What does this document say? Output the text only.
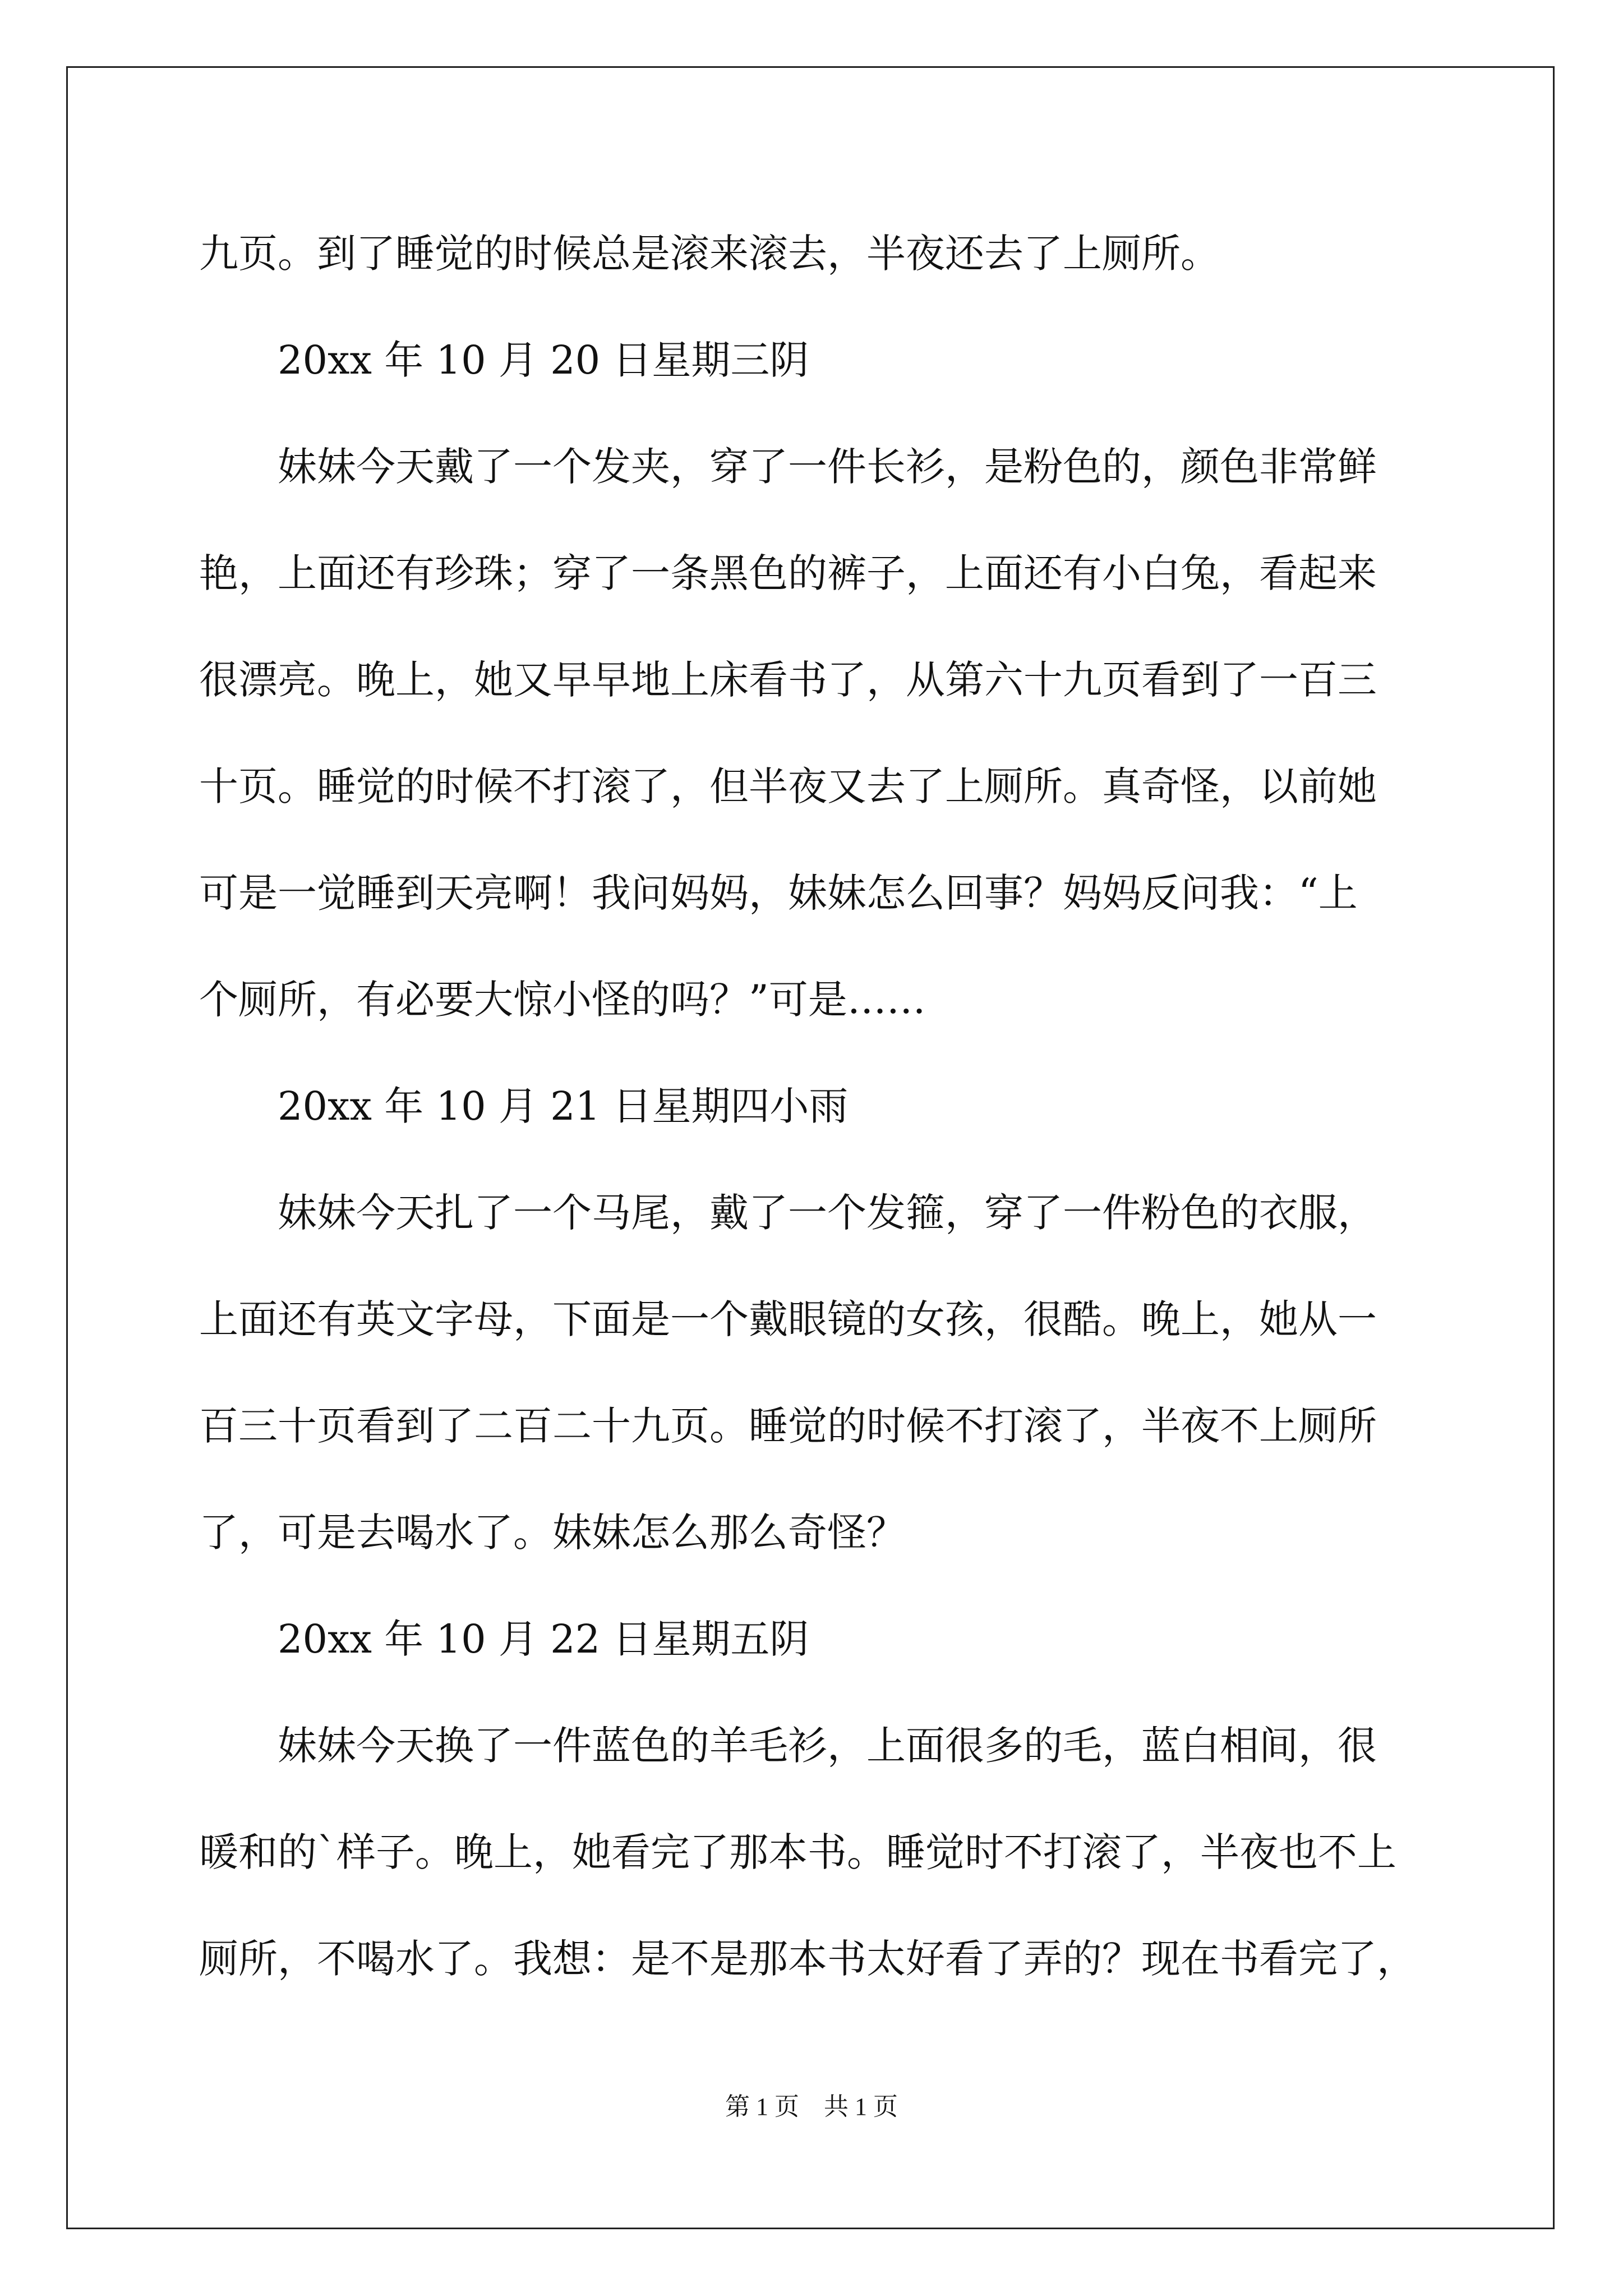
九页。到了睡觉的时候总是滚来滚去，半夜还去了上厕所。
20xx 年 10 月 20 日星期三阴
妹妹今天戴了一个发夹，穿了一件长衫，是粉色的，颜色非常鲜
艳，上面还有珍珠；穿了一条黑色的裤子，上面还有小白兔，看起来
很漂亮。晚上，她又早早地上床看书了，从第六十九页看到了一百三
十页。睡觉的时候不打滚了，但半夜又去了上厕所。真奇怪，以前她
可是一觉睡到天亮啊！我问妈妈，妹妹怎么回事？妈妈反问我：“上
个厕所，有必要大惊小怪的吗？”可是……
20xx 年 10 月 21 日星期四小雨
妹妹今天扎了一个马尾，戴了一个发箍，穿了一件粉色的衣服，
上面还有英文字母，下面是一个戴眼镜的女孩，很酷。晚上，她从一
百三十页看到了二百二十九页。睡觉的时候不打滚了，半夜不上厕所
了，可是去喝水了。妹妹怎么那么奇怪？
20xx 年 10 月 22 日星期五阴
妹妹今天换了一件蓝色的羊毛衫，上面很多的毛，蓝白相间，很
暖和的`样子。晚上，她看完了那本书。睡觉时不打滚了，半夜也不上
厕所，不喝水了。我想：是不是那本书太好看了弄的？现在书看完了，
第 1 页　共 1 页
